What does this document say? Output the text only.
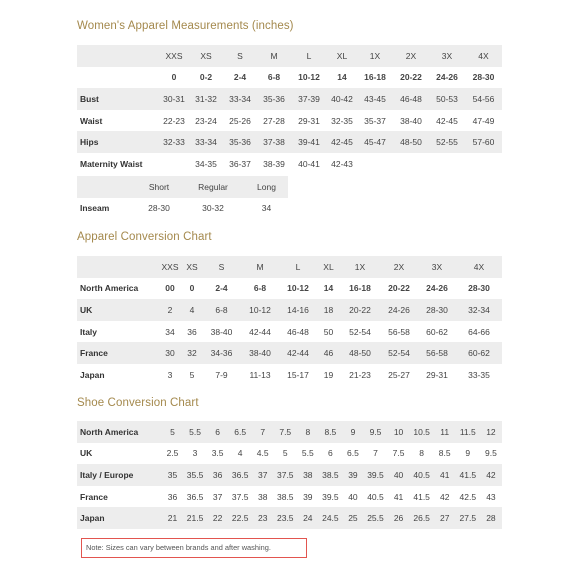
Women's Apparel Measurements (inches)
	XXS	XS	S	M	L	XL	1X	2X	3X	4X
	0	0-2	2-4	6-8	10-12	14	16-18	20-22	24-26	28-30
Bust	30-31	31-32	33-34	35-36	37-39	40-42	43-45	46-48	50-53	54-56
Waist	22-23	23-24	25-26	27-28	29-31	32-35	35-37	38-40	42-45	47-49
Hips	32-33	33-34	35-36	37-38	39-41	42-45	45-47	48-50	52-55	57-60
Maternity Waist		34-35	36-37	38-39	40-41	42-43				
	Short	Regular	Long
Inseam	28-30	30-32	34
Apparel Conversion Chart
	XXS	XS	S	M	L	XL	1X	2X	3X	4X
North America	00	0	2-4	6-8	10-12	14	16-18	20-22	24-26	28-30
UK	2	4	6-8	10-12	14-16	18	20-22	24-26	28-30	32-34
Italy	34	36	38-40	42-44	46-48	50	52-54	56-58	60-62	64-66
France	30	32	34-36	38-40	42-44	46	48-50	52-54	56-58	60-62
Japan	3	5	7-9	11-13	15-17	19	21-23	25-27	29-31	33-35
Shoe Conversion Chart
North America	5	5.5	6	6.5	7	7.5	8	8.5	9	9.5	10	10.5	11	11.5	12
UK	2.5	3	3.5	4	4.5	5	5.5	6	6.5	7	7.5	8	8.5	9	9.5
Italy / Europe	35	35.5	36	36.5	37	37.5	38	38.5	39	39.5	40	40.5	41	41.5	42
France	36	36.5	37	37.5	38	38.5	39	39.5	40	40.5	41	41.5	42	42.5	43
Japan	21	21.5	22	22.5	23	23.5	24	24.5	25	25.5	26	26.5	27	27.5	28
Note: Sizes can vary between brands and after washing.
